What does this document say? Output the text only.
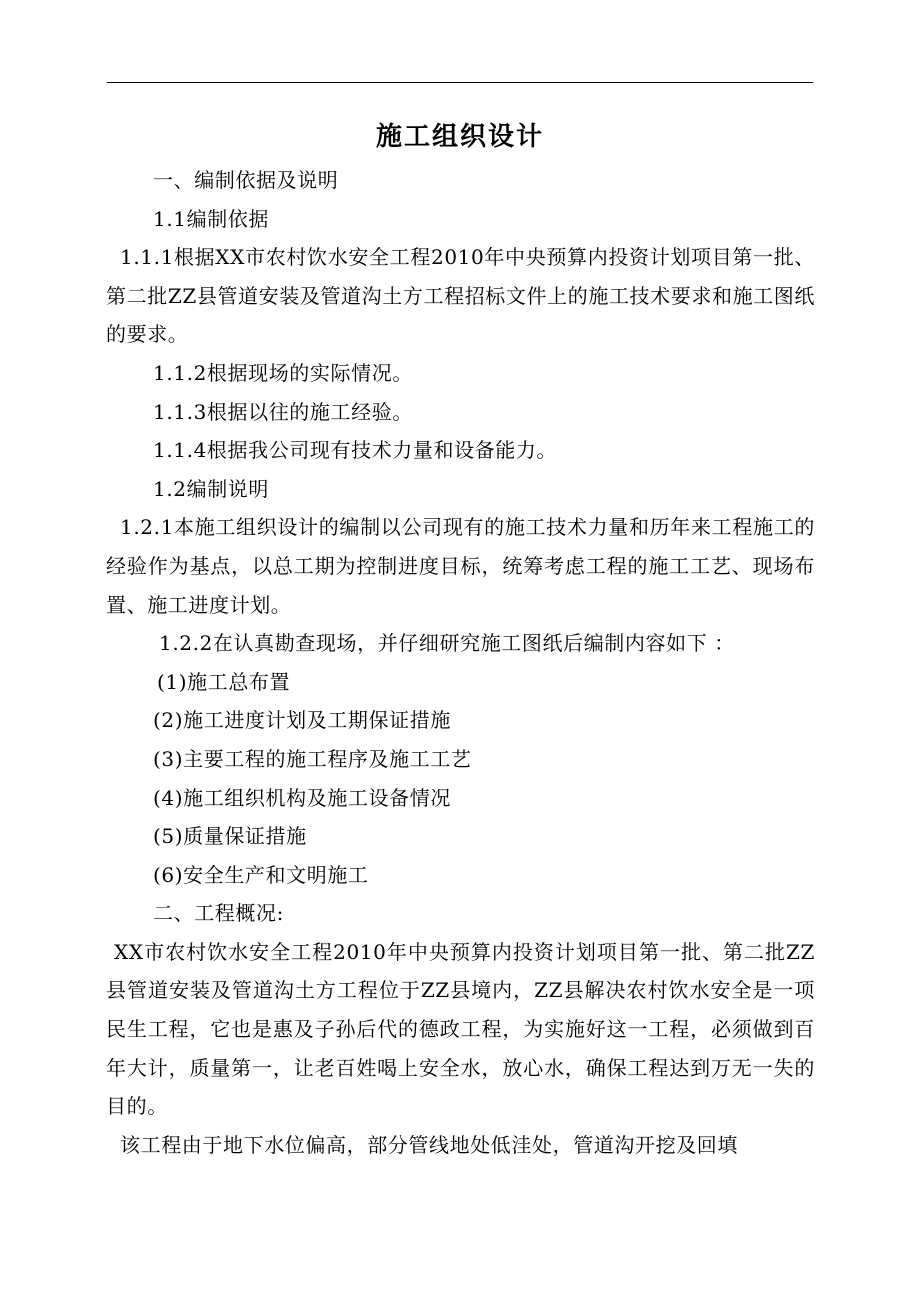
施工组织设计

一、编制依据及说明

1.1编制依据

1.1.1根据XX市农村饮水安全工程2010年中央预算内投资计划项目第一批、第二批ZZ县管道安装及管道沟土方工程招标文件上的施工技术要求和施工图纸的要求。

1.1.2根据现场的实际情况。

1.1.3根据以往的施工经验。

1.1.4根据我公司现有技术力量和设备能力。

1.2编制说明

1.2.1本施工组织设计的编制以公司现有的施工技术力量和历年来工程施工的经验作为基点，以总工期为控制进度目标，统筹考虑工程的施工工艺、现场布置、施工进度计划。

1.2.2在认真勘查现场，并仔细研究施工图纸后编制内容如下 ：

(1)施工总布置

(2)施工进度计划及工期保证措施

(3)主要工程的施工程序及施工工艺

(4)施工组织机构及施工设备情况

(5)质量保证措施

(6)安全生产和文明施工

二、工程概况:

XX市农村饮水安全工程2010年中央预算内投资计划项目第一批、第二批ZZ县管道安装及管道沟土方工程位于ZZ县境内，ZZ县解决农村饮水安全是一项民生工程，它也是惠及子孙后代的德政工程，为实施好这一工程，必须做到百年大计，质量第一，让老百姓喝上安全水，放心水，确保工程达到万无一失的目的。

该工程由于地下水位偏高，部分管线地处低洼处，管道沟开挖及回填
